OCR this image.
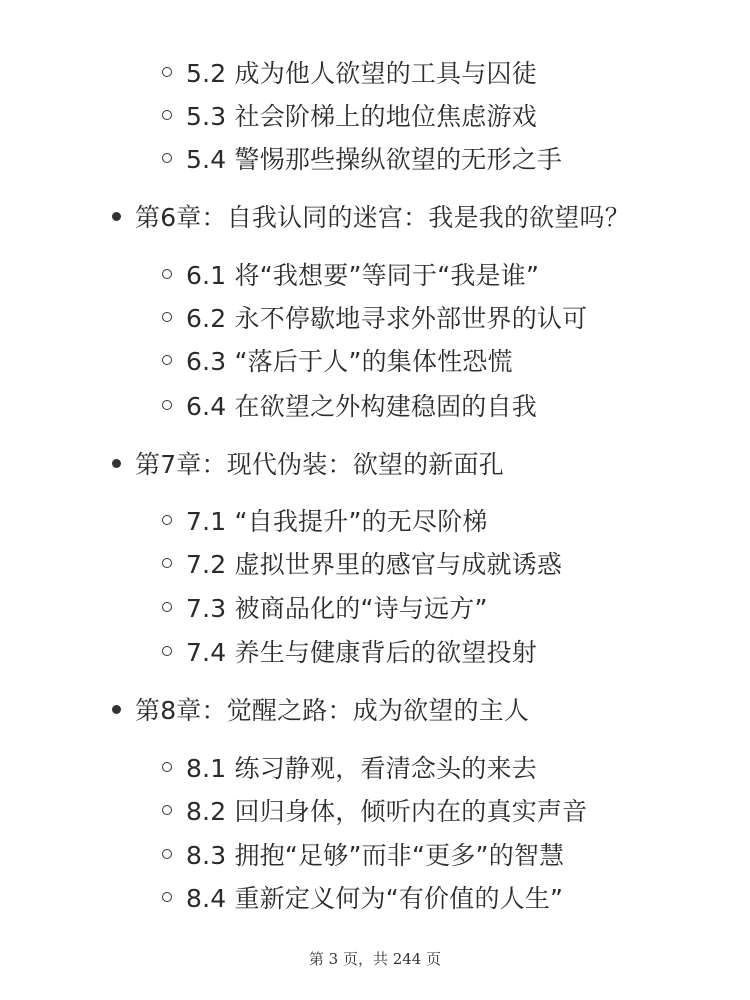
5.2 成为他人欲望的工具与囚徒
5.3 社会阶梯上的地位焦虑游戏
5.4 警惕那些操纵欲望的无形之手
第6章：自我认同的迷宫：我是我的欲望吗？
6.1 将“我想要”等同于“我是谁”
6.2 永不停歇地寻求外部世界的认可
6.3 “落后于人”的集体性恐慌
6.4 在欲望之外构建稳固的自我
第7章：现代伪装：欲望的新面孔
7.1 “自我提升”的无尽阶梯
7.2 虚拟世界里的感官与成就诱惑
7.3 被商品化的“诗与远方”
7.4 养生与健康背后的欲望投射
第8章：觉醒之路：成为欲望的主人
8.1 练习静观，看清念头的来去
8.2 回归身体，倾听内在的真实声音
8.3 拥抱“足够”而非“更多”的智慧
8.4 重新定义何为“有价值的人生”
第 3 页，共 244 页
